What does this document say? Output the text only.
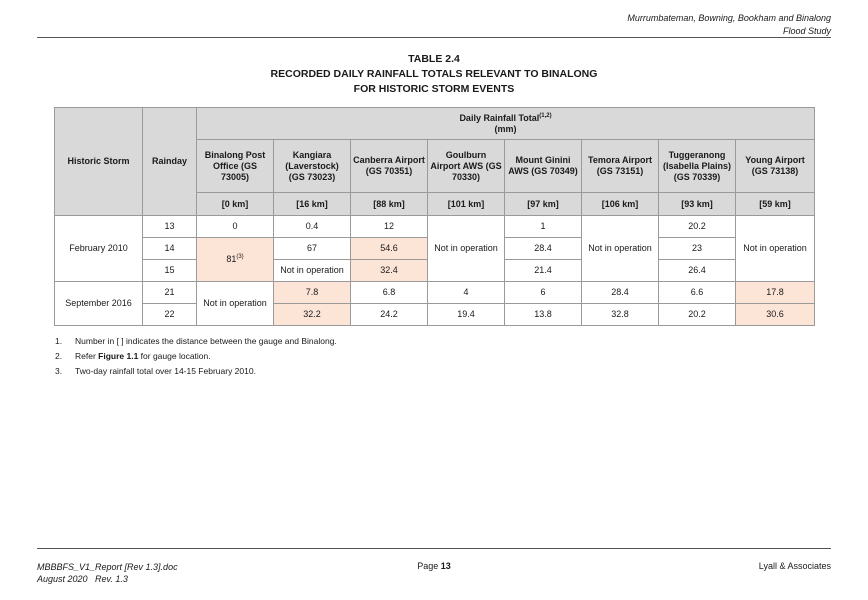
Murrumbateman, Bowning, Bookham and Binalong
Flood Study
TABLE 2.4
RECORDED DAILY RAINFALL TOTALS RELEVANT TO BINALONG
FOR HISTORIC STORM EVENTS
Historic Storm	Rainday	Daily Rainfall Total$^{(1,2)}$
(mm)							
		Binalong Post Office (GS 73005)	Kangiara (Laverstock) (GS 73023)	Canberra Airport (GS 70351)	Goulburn Airport AWS (GS 70330)	Mount Ginini AWS (GS 70349)	Temora Airport (GS 73151)	Tuggeranong (Isabella Plains) (GS 70339)	Young Airport (GS 73138)
		[0 km]	[16 km]	[88 km]	[101 km]	[97 km]	[106 km]	[93 km]	[59 km]
February 2010	13	0	0.4	12	Not in operation	1	Not in operation	20.2	Not in operation
	14	81$^{(3)}$	67	54.6		28.4		23	
	15		Not in operation	32.4		21.4		26.4	
September 2016	21	Not in operation	7.8	6.8	4	6	28.4	6.6	17.8
	22		32.2	24.2	19.4	13.8	32.8	20.2	30.6
1. Number in [ ] indicates the distance between the gauge and Binalong.
2. Refer Figure 1.1 for gauge location.
3. Two-day rainfall total over 14-15 February 2010.
MBBBFS_V1_Report [Rev 1.3].doc
August 2020   Rev. 1.3
Page 13	Lyall & Associates
